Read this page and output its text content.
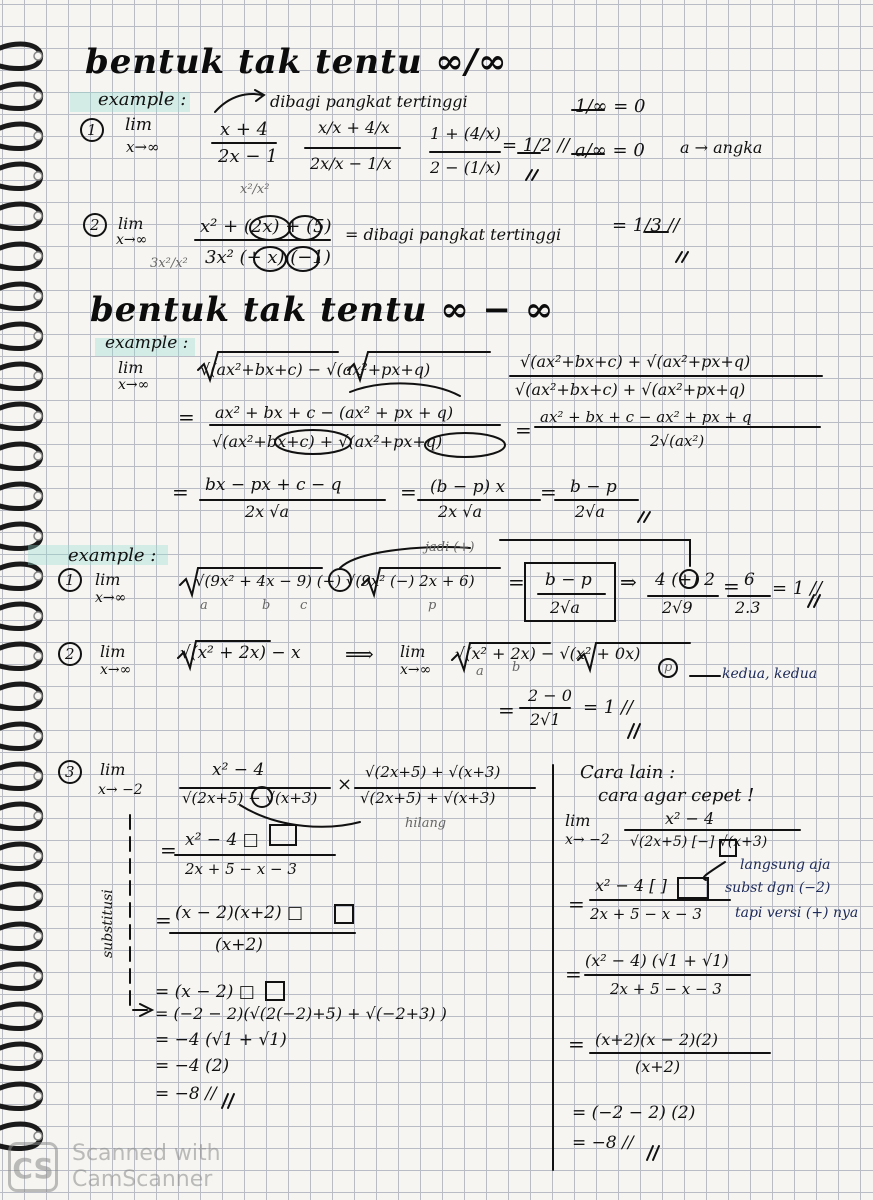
bentuk tak tentu ∞/∞
example :	dibagi pangkat tertinggi	1/∞ = 0
a/∞ = 0 a → angka
1 lim
x→∞
x + 4
2x − 1
x/x + 4/x
2x/x − 1/x
1 + (4/x)
2 − (1/x)
= 1/2 //
2 lim
x→∞
x²/x²
3x²/x²
x² + (2x) + (5)
3x² (+ x) (−1)
= dibagi pangkat tertinggi	= 1/3 //
bentuk tak tentu ∞ − ∞
example :
lim
x→∞
√(ax²+bx+c) − √(ax²+px+q)	√(ax²+bx+c) + √(ax²+px+q)
√(ax²+bx+c) + √(ax²+px+q)
= ax² + bx + c − (ax² + px + q)
√(ax²+bx+c) + √(ax²+px+q)	=
ax² + bx + c − ax² + px + q
2√(ax²)
= bx − px + c − q
2x √a
(b − p) x
2x √a
=	= b − p
2√a
example :	jadi (+)
1 lim
x→∞
√(9x² + 4x − 9) (−) √(9x² (−) 2x + 6)
a	b c	p
= b − p
2√a
⇒ 4 (+) 2
2√9
6
2.3
= = 1 //
2 lim
x→∞
√(x² + 2x) − x ⟹ lim
x→∞
√(x² + 2x) − √(x² + 0x)
a b	p	kedua, kedua
=
2 − 0
2√1
= 1 //
3 lim
x→ −2
x² − 4
√(2x+5) − √(x+3)
×
√(2x+5) + √(x+3)
√(2x+5) + √(x+3)
hilang
substitusi
= x² − 4 □
2x + 5 − x − 3
= (x − 2)(x+2) □
(x+2)
= (x − 2) □
= (−2 − 2)(√(2(−2)+5) + √(−2+3) )
= −4 (√1 + √1)
= −4 (2)
= −8 //
Cara lain :
cara agar cepet !
lim
x→ −2
x² − 4
√(2x+5) [−] √(x+3)
langsung aja
subst dgn (−2)
tapi versi (+) nya
=
x² − 4 [ ]
2x + 5 − x − 3
=
(x² − 4) (√1 + √1)
2x + 5 − x − 3
= (x+2)(x − 2)(2)
(x+2)
= (−2 − 2) (2)
= −8 //
CS Scanned with
CamScanner
